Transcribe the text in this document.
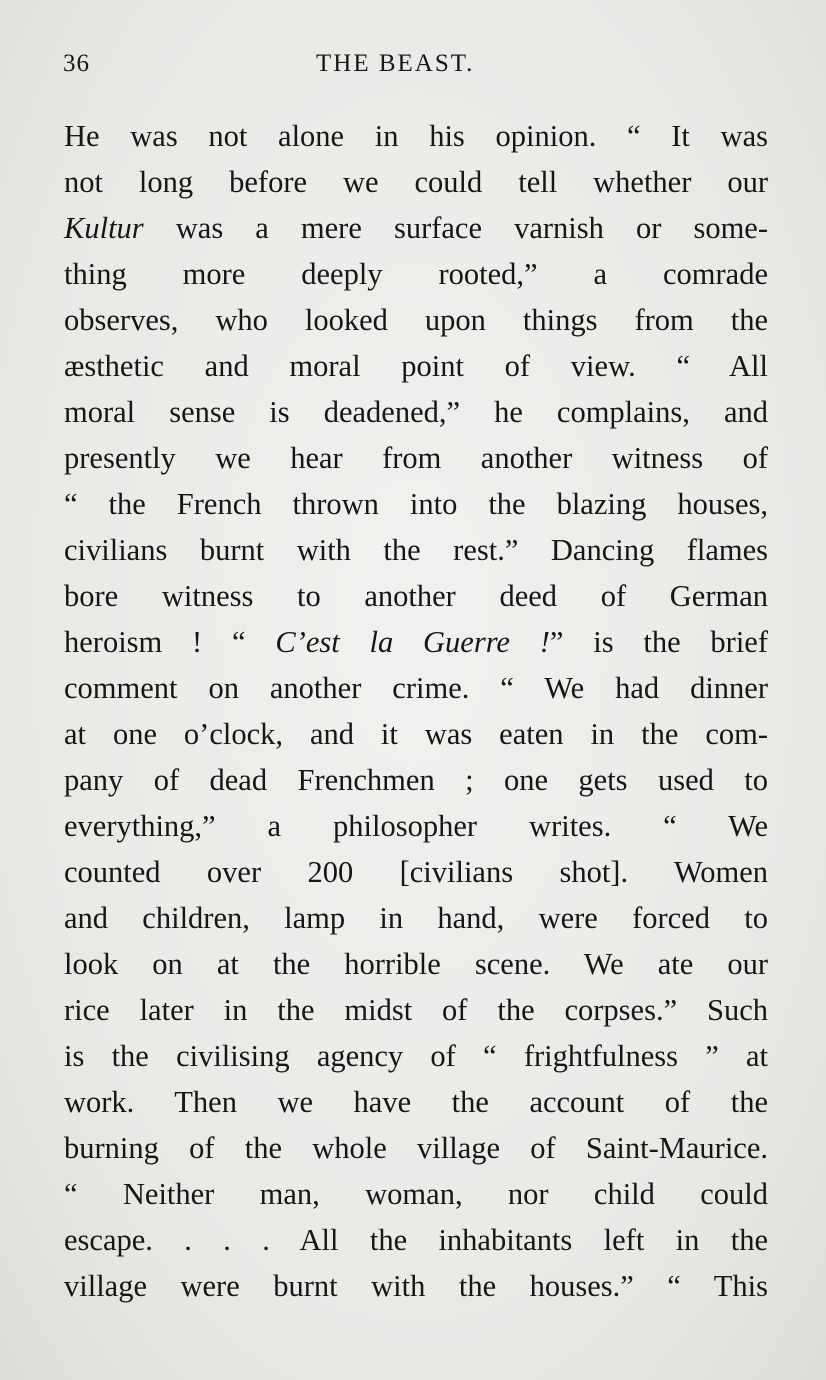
36	THE BEAST.
He was not alone in his opinion. “ It was
not long before we could tell whether our
Kultur was a mere surface varnish or some-
thing more deeply rooted,” a comrade
observes, who looked upon things from the
æsthetic and moral point of view. “ All
moral sense is deadened,” he complains, and
presently we hear from another witness of
“ the French thrown into the blazing houses,
civilians burnt with the rest.” Dancing flames
bore witness to another deed of German
heroism ! “ C’est la Guerre !” is the brief
comment on another crime. “ We had dinner
at one o’clock, and it was eaten in the com-
pany of dead Frenchmen ; one gets used to
everything,” a philosopher writes. “ We
counted over 200 [civilians shot]. Women
and children, lamp in hand, were forced to
look on at the horrible scene. We ate our
rice later in the midst of the corpses.” Such
is the civilising agency of “ frightfulness ” at
work. Then we have the account of the
burning of the whole village of Saint-Maurice.
“ Neither man, woman, nor child could
escape. . . . All the inhabitants left in the
village were burnt with the houses.” “ This
